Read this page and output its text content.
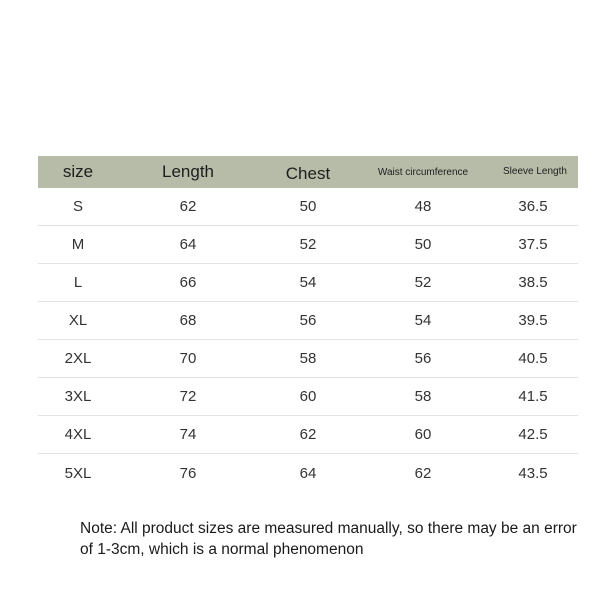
size	Length	Chest	Waist circumference	Sleeve Length
S	62	50	48	36.5
M	64	52	50	37.5
L	66	54	52	38.5
XL	68	56	54	39.5
2XL	70	58	56	40.5
3XL	72	60	58	41.5
4XL	74	62	60	42.5
5XL	76	64	62	43.5
Note: All product sizes are measured manually, so there may be an error of 1-3cm, which is a normal phenomenon
